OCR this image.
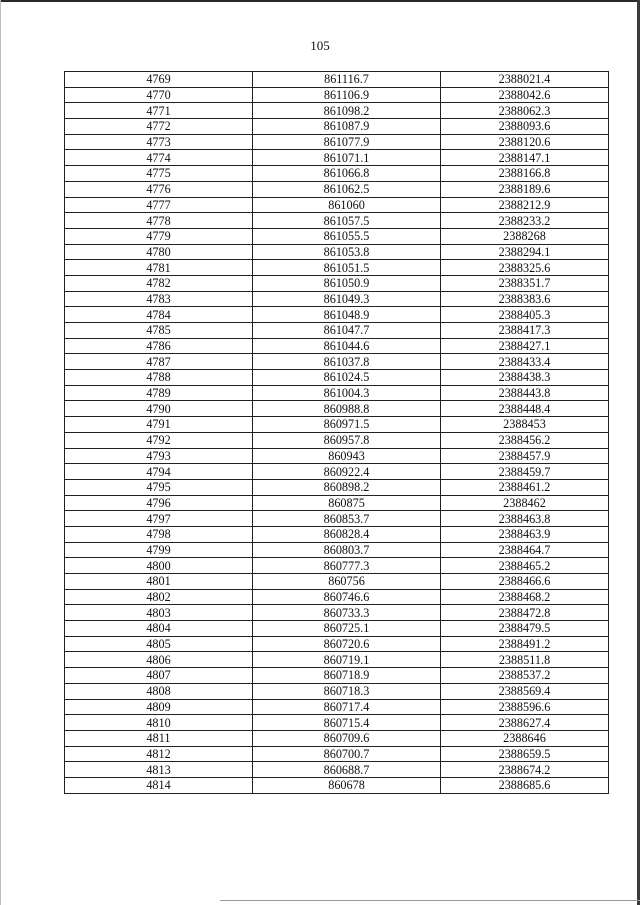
105
4769	861116.7	2388021.4
4770	861106.9	2388042.6
4771	861098.2	2388062.3
4772	861087.9	2388093.6
4773	861077.9	2388120.6
4774	861071.1	2388147.1
4775	861066.8	2388166.8
4776	861062.5	2388189.6
4777	861060	2388212.9
4778	861057.5	2388233.2
4779	861055.5	2388268
4780	861053.8	2388294.1
4781	861051.5	2388325.6
4782	861050.9	2388351.7
4783	861049.3	2388383.6
4784	861048.9	2388405.3
4785	861047.7	2388417.3
4786	861044.6	2388427.1
4787	861037.8	2388433.4
4788	861024.5	2388438.3
4789	861004.3	2388443.8
4790	860988.8	2388448.4
4791	860971.5	2388453
4792	860957.8	2388456.2
4793	860943	2388457.9
4794	860922.4	2388459.7
4795	860898.2	2388461.2
4796	860875	2388462
4797	860853.7	2388463.8
4798	860828.4	2388463.9
4799	860803.7	2388464.7
4800	860777.3	2388465.2
4801	860756	2388466.6
4802	860746.6	2388468.2
4803	860733.3	2388472.8
4804	860725.1	2388479.5
4805	860720.6	2388491.2
4806	860719.1	2388511.8
4807	860718.9	2388537.2
4808	860718.3	2388569.4
4809	860717.4	2388596.6
4810	860715.4	2388627.4
4811	860709.6	2388646
4812	860700.7	2388659.5
4813	860688.7	2388674.2
4814	860678	2388685.6
